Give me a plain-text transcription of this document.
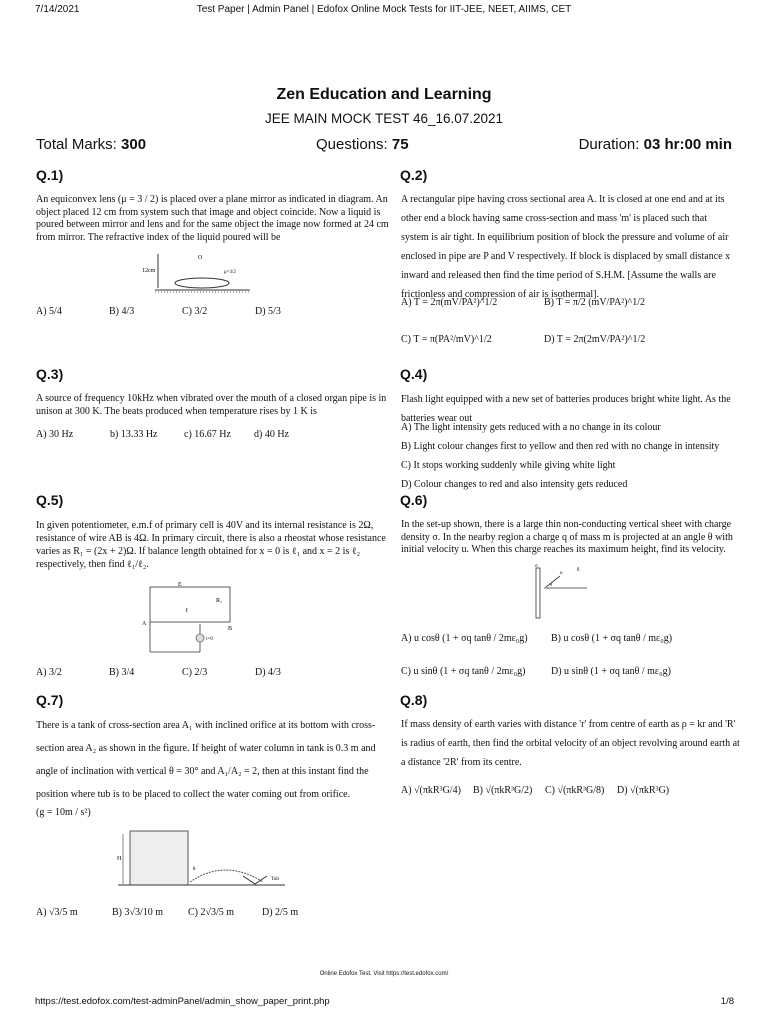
7/14/2021	Test Paper | Admin Panel | Edofox Online Mock Tests for IIT-JEE, NEET, AIIMS, CET
Zen Education and Learning
JEE MAIN MOCK TEST 46_16.07.2021
Total Marks: 300	Questions: 75	Duration: 03 hr:00 min
Q.1)
An equiconvex lens (μ = 3 / 2) is placed over a plane mirror as indicated in diagram. An object placed 12 cm from system such that image and object coincide. Now a liquid is poured between mirror and lens and for the same object the image now formed at 24 cm from mirror. The refractive index of the liquid poured will be
12cm
O
μ=3/2
A) 5/4	B) 4/3	C) 3/2	D) 5/3
Q.2)
A rectangular pipe having cross sectional area A. It is closed at one end and at its other end a block having same cross-section and mass 'm' is placed such that system is air tight. In equilibrium position of block the pressure and volume of air enclosed in pipe are P and V respectively. If block is displaced by small distance x inward and released then find the time period of S.H.M. [Assume the walls are frictionless and compression of air is isothermal].
A) T = 2π(mV/PA²)^1/2	B) T = π/2 (mV/PA²)^1/2
C) T = π(PA²/mV)^1/2	D) T = 2π(2mV/PA²)^1/2
Q.3)
A source of frequency 10kHz when vibrated over the mouth of a closed organ pipe is in unison at 300 K. The beats produced when temperature rises by 1 K is
A) 30 Hz	b) 13.33 Hz	c) 16.67 Hz	d) 40 Hz
Q.4)
Flash light equipped with a new set of batteries produces bright white light. As the batteries wear out
A) The light intensity gets reduced with a no change in its colour
B) Light colour changes first to yellow and then red with no change in intensity
C) It stops working suddenly while giving white light
D) Colour changes to red and also intensity gets reduced
Q.5)
In given potentiometer, e.m.f of primary cell is 40V and its internal resistance is 2Ω, resistance of wire AB is 4Ω. In primary circuit, there is also a rheostat whose resistance varies as R₁ = (2x + 2)Ω. If balance length obtained for x = 0 is ℓ₁ and x = 2 is ℓ₂ respectively, then find ℓ₁/ℓ₂.
A
B
E
R₁
ℓ
i=0
A) 3/2	B) 3/4	C) 2/3	D) 4/3
Q.6)
In the set-up shown, there is a large thin non-conducting vertical sheet with charge density σ. In the nearby region a charge q of mass m is projected at an angle θ with initial velocity u. When this charge reaches its maximum height, find its velocity.
σ
u
g
θ
A) u cosθ (1 + σq tanθ / 2mε₀g)	B) u cosθ (1 + σq tanθ / mε₀g)
C) u sinθ (1 + σq tanθ / 2mε₀g)	D) u sinθ (1 + σq tanθ / mε₀g)
Q.7)
There is a tank of cross-section area A₁ with inclined orifice at its bottom with cross-
section area A₂ as shown in the figure. If height of water column in tank is 0.3 m and
angle of inclination with vertical θ = 30° and A₁/A₂ = 2, then at this instant find the
position where tub is to be placed to collect the water coming out from orifice.
(g = 10m / s²)
H
θ
Tub
A) √3/5 m	B) 3√3/10 m	C) 2√3/5 m	D) 2/5 m
Q.8)
If mass density of earth varies with distance 'r' from centre of earth as ρ = kr and 'R' is radius of earth, then find the orbital velocity of an object revolving around earth at a distance '2R' from its centre.
A) √(πkR³G/4)	B) √(πkR³G/2)	C) √(πkR³G/8)	D) √(πkR³G)
Online Edofox Test. Visit https://test.edofox.com/
https://test.edofox.com/test-adminPanel/admin_show_paper_print.php	1/8
